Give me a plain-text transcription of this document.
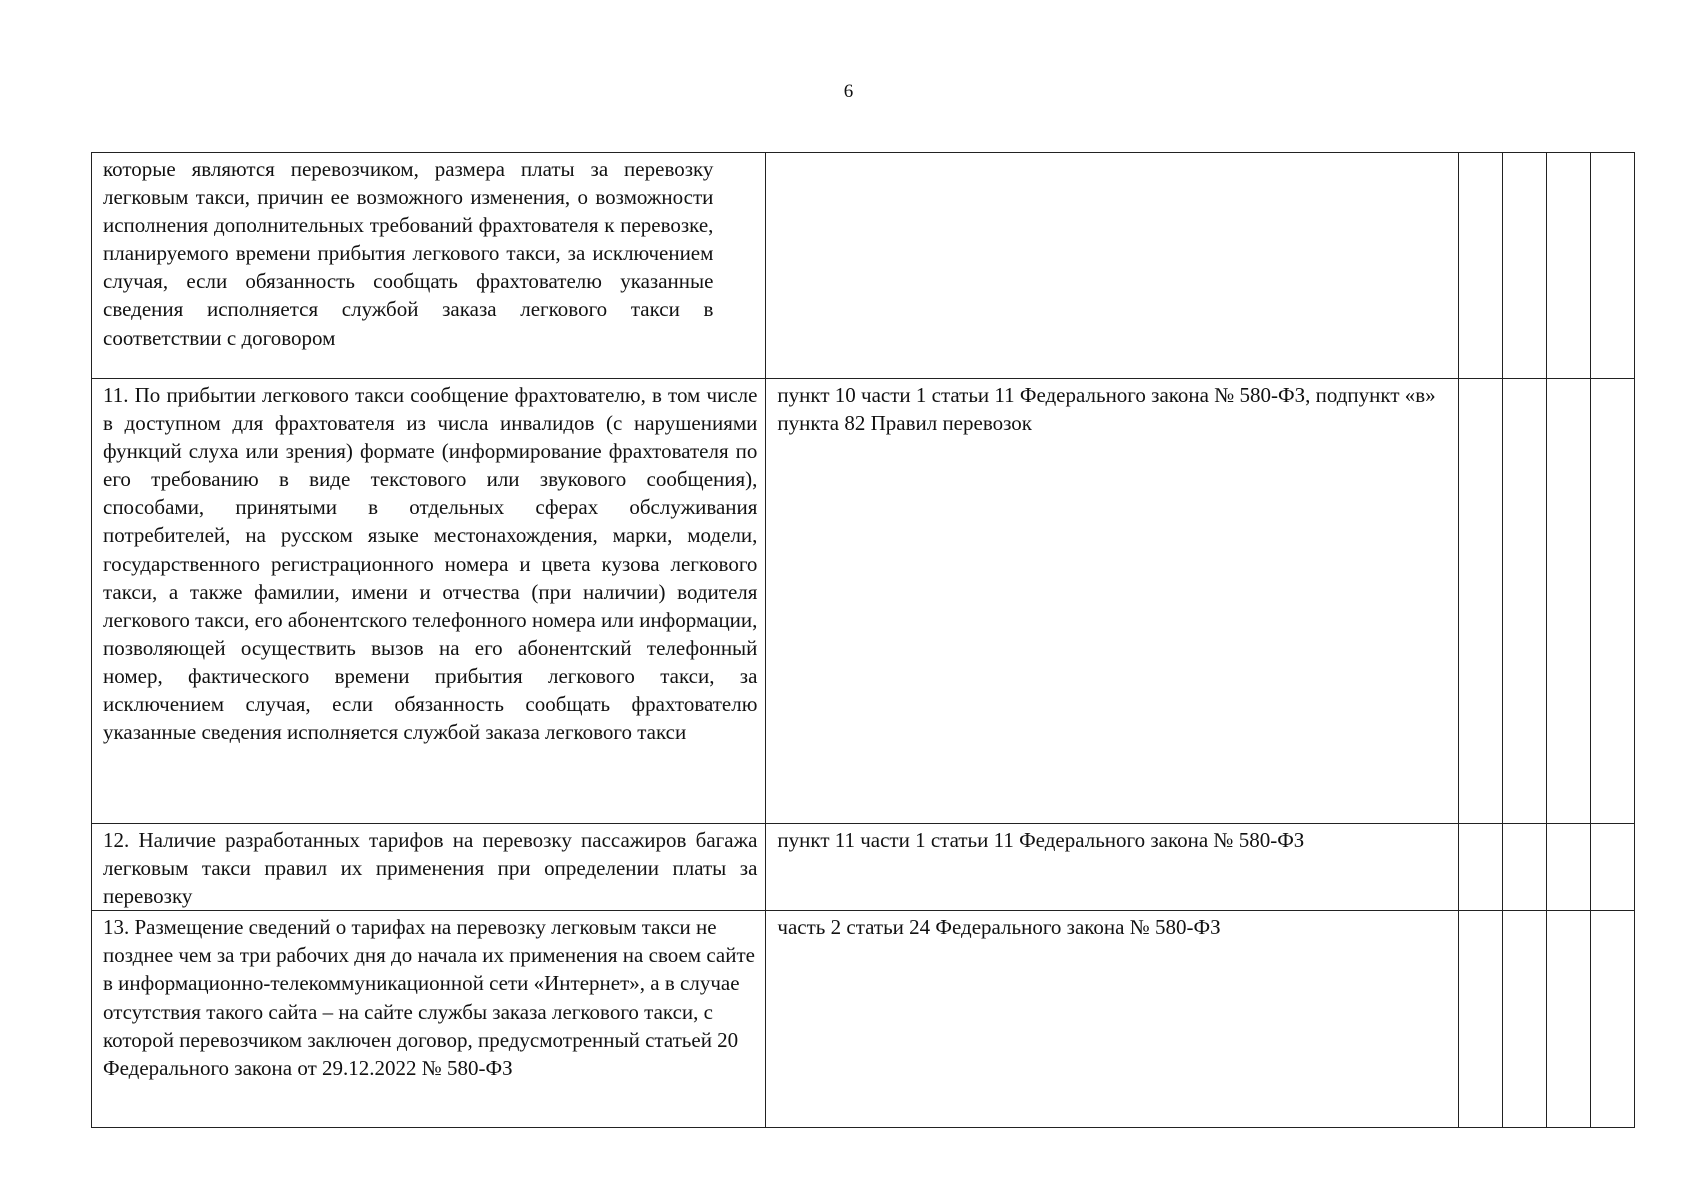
6
которые являются перевозчиком, размера платы за перевозку легковым такси, причин ее возможного изменения, о возможности исполнения дополнительных требований фрахтователя к перевозке, планируемого времени прибытия легкового такси, за исключением случая, если обязанность сообщать фрахтователю указанные сведения исполняется службой заказа легкового такси в соответствии с договором					

11. По прибытии легкового такси сообщение фрахтователю, в том числе в доступном для фрахтователя из числа инвалидов (с нарушениями функций слуха или зрения) формате (информирование фрахтователя по его требованию в виде текстового или звукового сообщения), способами, принятыми в отдельных сферах обслуживания потребителей, на русском языке местонахождения, марки, модели, государственного регистрационного номера и цвета кузова легкового такси, а также фамилии, имени и отчества (при наличии) водителя легкового такси, его абонентского телефонного номера или информации, позволяющей осуществить вызов на его абонентский телефонный номер, фактического времени прибытия легкового такси, за исключением случая, если обязанность сообщать фрахтователю указанные сведения исполняется службой заказа легкового такси	пункт 10 части 1 статьи 11 Федерального закона № 580-ФЗ, подпункт «в» пункта 82 Правил перевозок				

12. Наличие разработанных тарифов на перевозку пассажиров багажа легковым такси правил их применения при определении платы за перевозку	пункт 11 части 1 статьи 11 Федерального закона № 580-ФЗ				

13. Размещение сведений о тарифах на перевозку легковым такси не позднее чем за три рабочих дня до начала их применения на своем сайте в информационно-телекоммуникационной сети «Интернет», а в случае отсутствия такого сайта – на сайте службы заказа легкового такси, с которой перевозчиком заключен договор, предусмотренный статьей 20 Федерального закона от 29.12.2022 № 580-ФЗ	часть 2 статьи 24 Федерального закона № 580-ФЗ				
